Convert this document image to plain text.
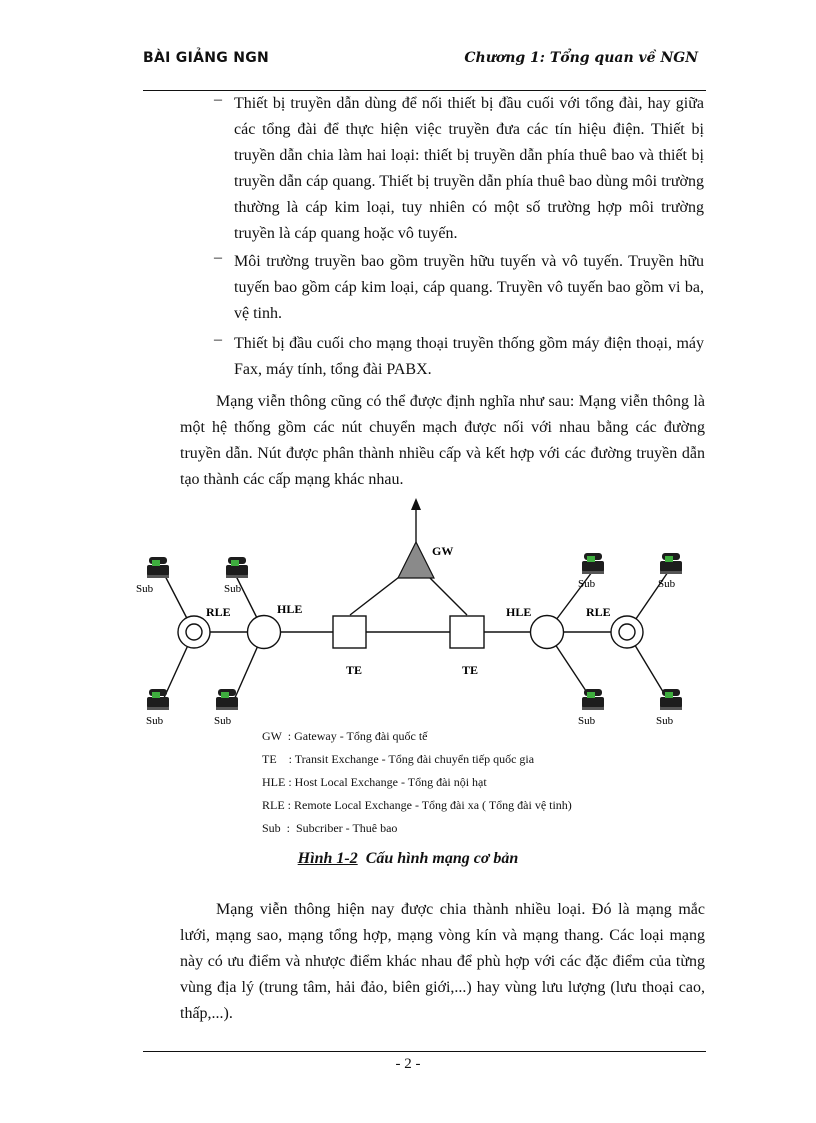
BÀI GIẢNG NGN	Chương 1: Tổng quan về NGN
– Thiết bị truyền dẫn dùng để nối thiết bị đầu cuối với tổng đài, hay giữa các tổng đài để thực hiện việc truyền đưa các tín hiệu điện. Thiết bị truyền dẫn chia làm hai loại: thiết bị truyền dẫn phía thuê bao và thiết bị truyền dẫn cáp quang. Thiết bị truyền dẫn phía thuê bao dùng môi trường thường là cáp kim loại, tuy nhiên có một số trường hợp môi trường truyền là cáp quang hoặc vô tuyến.
– Môi trường truyền bao gồm truyền hữu tuyến và vô tuyến. Truyền hữu tuyến bao gồm cáp kim loại, cáp quang. Truyền vô tuyến bao gồm vi ba, vệ tinh.
– Thiết bị đầu cuối cho mạng thoại truyền thống gồm máy điện thoại, máy Fax, máy tính, tổng đài PABX.
Mạng viễn thông cũng có thể được định nghĩa như sau: Mạng viễn thông là một hệ thống gồm các nút chuyển mạch được nối với nhau bằng các đường truyền dẫn. Nút được phân thành nhiều cấp và kết hợp với các đường truyền dẫn tạo thành các cấp mạng khác nhau.
GW
RLE	HLE
TE	TE
HLE	RLE
Sub	Sub
Sub	Sub
Sub	Sub
Sub	Sub
GW  : Gateway - Tổng đài quốc tế
TE    : Transit Exchange - Tổng đài chuyển tiếp quốc gia
HLE : Host Local Exchange - Tổng đài nội hạt
RLE : Remote Local Exchange - Tổng đài xa ( Tổng đài vệ tinh)
Sub  :  Subcriber - Thuê bao
Hình 1-2 Cấu hình mạng cơ bản
Mạng viễn thông hiện nay được chia thành nhiều loại. Đó là mạng mắc lưới, mạng sao, mạng tổng hợp, mạng vòng kín và mạng thang. Các loại mạng này có ưu điểm và nhược điểm khác nhau để phù hợp với các đặc điểm của từng vùng địa lý (trung tâm, hải đảo, biên giới,...) hay vùng lưu lượng (lưu thoại cao, thấp,...).
- 2 -
